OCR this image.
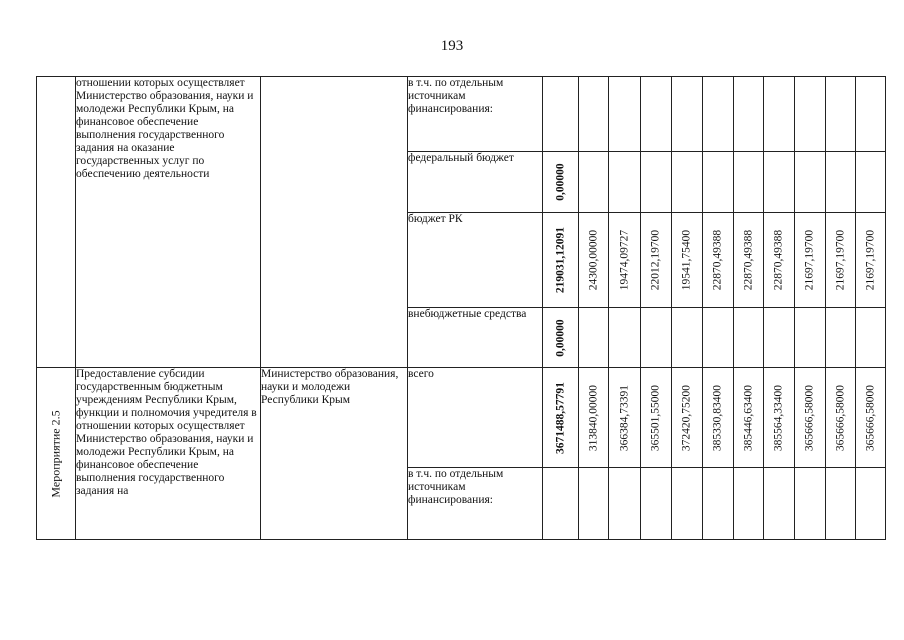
193
	отношении которых осуществляет Министерство образования, науки и молодежи Республики Крым, на финансовое обеспечение выполнения государственного задания на оказание государственных услуг по обеспечению деятельности		в т.ч. по отдельным источникам финансирования:	

			федеральный бюджет	0,00000										

			бюджет РК	219031,12091	24300,00000	19474,09727	22012,19700	19541,75400	22870,49388	22870,49388	22870,49388	21697,19700	21697,19700	21697,19700

			внебюджетные средства	0,00000										

Мероприятие 2.5	Предоставление субсидии государственным бюджетным учреждениям Республики Крым, функции и полномочия учредителя в отношении которых осуществляет Министерство образования, науки и молодежи Республики Крым, на финансовое обеспечение выполнения государственного задания на	Министерство образования, науки и молодежи Республики Крым	всего	3671488,57791	313840,00000	366384,73391	365501,55000	372420,75200	385330,83400	385446,63400	385564,33400	365666,58000	365666,58000	365666,58000

			в т.ч. по отдельным источникам финансирования:	
